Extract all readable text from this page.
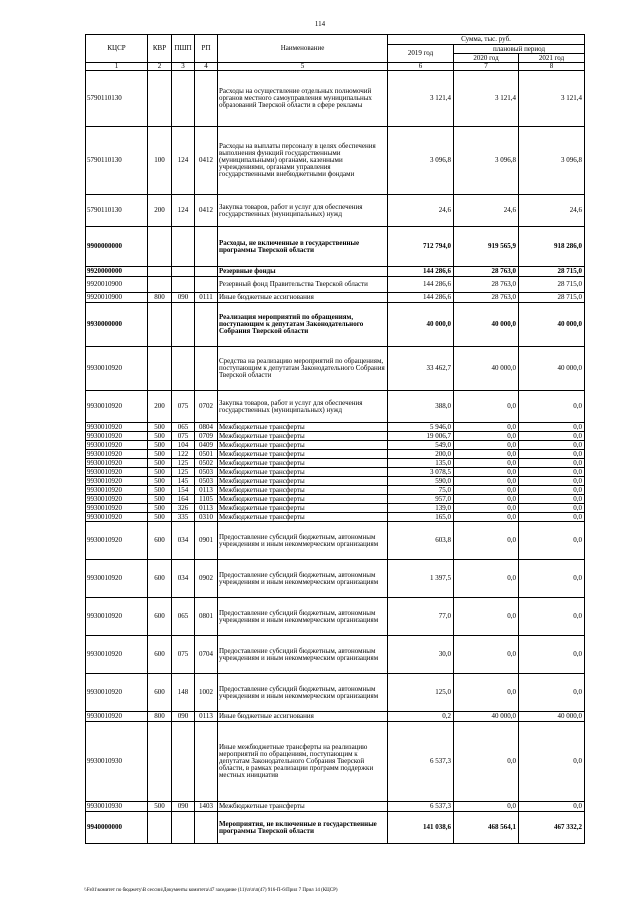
114
КЦСР	КВР	ПШП	РП	Наименование	Сумма, тыс. руб.		
					2019 год	плановый период	
						2020 год	2021 год
1	2	3	4	5	6	7	8
5790110130				Расходы на осуществление отдельных полномочий органов местного самоуправления муниципальных образований Тверской области в сфере рекламы	3 121,4	3 121,4	3 121,4
5790110130	100	124	0412	Расходы на выплаты персоналу в целях обеспечения выполнения функций государственными (муниципальными) органами, казенными учреждениями, органами управления государственными внебюджетными фондами	3 096,8	3 096,8	3 096,8
5790110130	200	124	0412	Закупка товаров, работ и услуг для обеспечения государственных (муниципальных) нужд	24,6	24,6	24,6
9900000000				Расходы, не включенные в государственные программы Тверской области	712 794,0	919 565,9	918 286,0
9920000000				Резервные фонды	144 286,6	28 763,0	28 715,0
9920010900				Резервный фонд Правительства Тверской области	144 286,6	28 763,0	28 715,0
9920010900	800	090	0111	Иные бюджетные ассигнования	144 286,6	28 763,0	28 715,0
9930000000				Реализация мероприятий по обращениям, поступающим к депутатам Законодательного Собрания Тверской области	40 000,0	40 000,0	40 000,0
9930010920				Средства на реализацию мероприятий по обращениям, поступающим к депутатам Законодательного Собрания Тверской области	33 462,7	40 000,0	40 000,0
9930010920	200	075	0702	Закупка товаров, работ и услуг для обеспечения государственных (муниципальных) нужд	388,0	0,0	0,0
9930010920	500	065	0804	Межбюджетные трансферты	5 946,0	0,0	0,0
9930010920	500	075	0709	Межбюджетные трансферты	19 006,7	0,0	0,0
9930010920	500	104	0409	Межбюджетные трансферты	549,0	0,0	0,0
9930010920	500	122	0501	Межбюджетные трансферты	200,0	0,0	0,0
9930010920	500	125	0502	Межбюджетные трансферты	135,0	0,0	0,0
9930010920	500	125	0503	Межбюджетные трансферты	3 078,5	0,0	0,0
9930010920	500	145	0503	Межбюджетные трансферты	590,0	0,0	0,0
9930010920	500	154	0113	Межбюджетные трансферты	75,0	0,0	0,0
9930010920	500	164	1105	Межбюджетные трансферты	957,0	0,0	0,0
9930010920	500	326	0113	Межбюджетные трансферты	139,0	0,0	0,0
9930010920	500	335	0310	Межбюджетные трансферты	165,0	0,0	0,0
9930010920	600	034	0901	Предоставление субсидий бюджетным, автономным учреждениям и иным некоммерческим организациям	603,8	0,0	0,0
9930010920	600	034	0902	Предоставление субсидий бюджетным, автономным учреждениям и иным некоммерческим организациям	1 397,5	0,0	0,0
9930010920	600	065	0801	Предоставление субсидий бюджетным, автономным учреждениям и иным некоммерческим организациям	77,0	0,0	0,0
9930010920	600	075	0704	Предоставление субсидий бюджетным, автономным учреждениям и иным некоммерческим организациям	30,0	0,0	0,0
9930010920	600	148	1002	Предоставление субсидий бюджетным, автономным учреждениям и иным некоммерческим организациям	125,0	0,0	0,0
9930010920	800	090	0113	Иные бюджетные ассигнования	0,2	40 000,0	40 000,0
9930010930				Иные межбюджетные трансферты на реализацию мероприятий по обращениям, поступающим к депутатам Законодательного Собрания Тверской области, в рамках реализации программ поддержки местных инициатив	6 537,3	0,0	0,0
9930010930	500	090	1403	Межбюджетные трансферты	6 537,3	0,0	0,0
9940000000				Мероприятия, не включенные в государственные программы Тверской области	141 038,6	468 564,1	467 332,2
\\Fs01\комитет по бюджету\В сессии\Документы комитета\47 заседание (11)\п\п\п(47) 916-П-6\Прил 7 Прил 14 (КЦСР)
